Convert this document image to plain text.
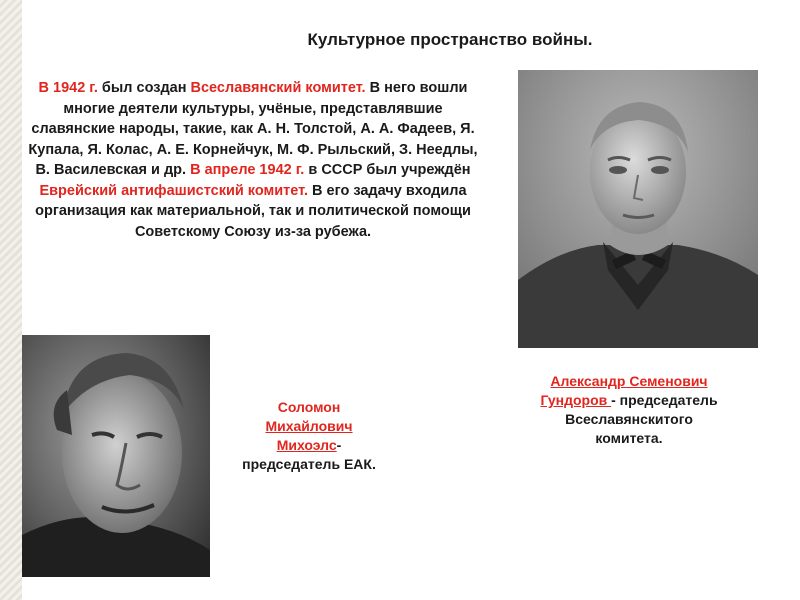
Культурное пространство войны.
В 1942 г. был создан Всеславянский комитет. В него вошли многие деятели культуры, учёные, представлявшие славянские народы, такие, как А. Н. Толстой, А. А. Фадеев, Я. Купала, Я. Колас, А. Е. Корнейчук, М. Ф. Рыльский, З. Неедлы, В. Василевская и др. В апреле 1942 г. в СССР был учреждён Еврейский антифашистский комитет. В его задачу входила организация как материальной, так и политической помощи Советскому Союзу из-за рубежа.
Соломон
Михайлович
Михоэлс-
председатель ЕАК.
Александр Семенович
Гундоров - председатель
Всеславянскитого
комитета.
